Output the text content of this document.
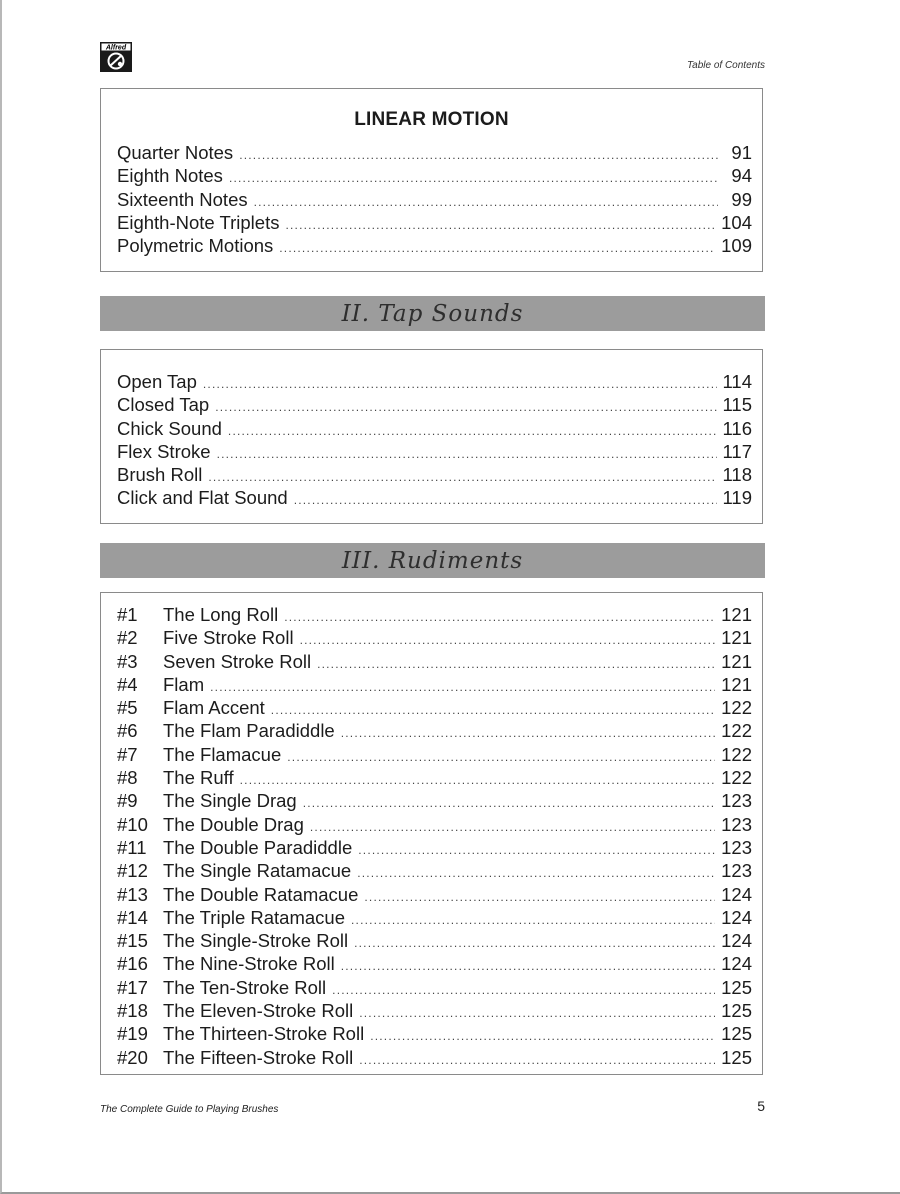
Alfred
Table of Contents
LINEAR MOTION
Quarter Notes .....	91
Eighth Notes .....	94
Sixteenth Notes .....	99
Eighth-Note Triplets .....	104
Polymetric Motions .....	109
II. Tap Sounds
Open Tap .....	114
Closed Tap .....	115
Chick Sound .....	116
Flex Stroke .....	117
Brush Roll .....	118
Click and Flat Sound .....	119
III. Rudiments
#1	The Long Roll .....	121
#2	Five Stroke Roll .....	121
#3	Seven Stroke Roll .....	121
#4	Flam .....	121
#5	Flam Accent .....	122
#6	The Flam Paradiddle .....	122
#7	The Flamacue .....	122
#8	The Ruff .....	122
#9	The Single Drag .....	123
#10 The Double Drag .....	123
#11 The Double Paradiddle .....	123
#12 The Single Ratamacue .....	123
#13 The Double Ratamacue .....	124
#14 The Triple Ratamacue .....	124
#15 The Single-Stroke Roll .....	124
#16 The Nine-Stroke Roll .....	124
#17 The Ten-Stroke Roll .....	125
#18 The Eleven-Stroke Roll .....	125
#19 The Thirteen-Stroke Roll .....	125
#20 The Fifteen-Stroke Roll .....	125
The Complete Guide to Playing Brushes	5
